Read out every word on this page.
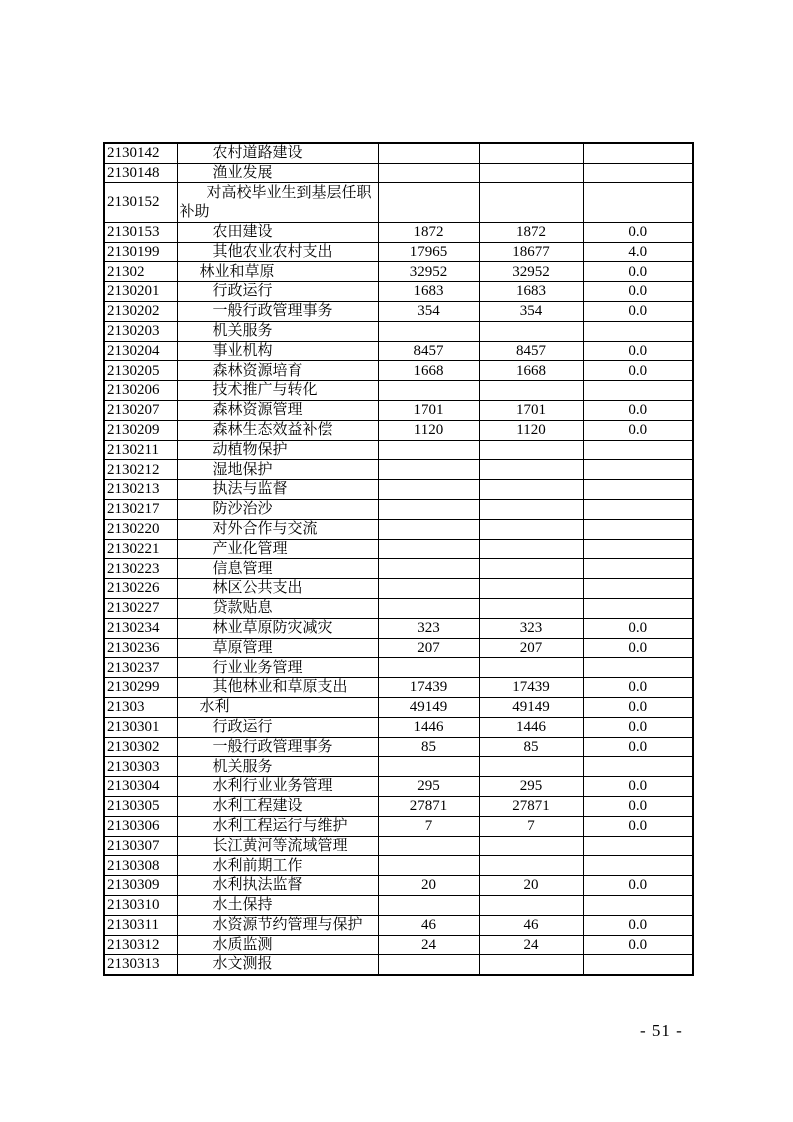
2130142	农村道路建设			
2130148	渔业发展			
2130152	对高校毕业生到基层任职补助			
2130153	农田建设	1872	1872	0.0
2130199	其他农业农村支出	17965	18677	4.0
21302	林业和草原	32952	32952	0.0
2130201	行政运行	1683	1683	0.0
2130202	一般行政管理事务	354	354	0.0
2130203	机关服务			
2130204	事业机构	8457	8457	0.0
2130205	森林资源培育	1668	1668	0.0
2130206	技术推广与转化			
2130207	森林资源管理	1701	1701	0.0
2130209	森林生态效益补偿	1120	1120	0.0
2130211	动植物保护			
2130212	湿地保护			
2130213	执法与监督			
2130217	防沙治沙			
2130220	对外合作与交流			
2130221	产业化管理			
2130223	信息管理			
2130226	林区公共支出			
2130227	贷款贴息			
2130234	林业草原防灾减灾	323	323	0.0
2130236	草原管理	207	207	0.0
2130237	行业业务管理			
2130299	其他林业和草原支出	17439	17439	0.0
21303	水利	49149	49149	0.0
2130301	行政运行	1446	1446	0.0
2130302	一般行政管理事务	85	85	0.0
2130303	机关服务			
2130304	水利行业业务管理	295	295	0.0
2130305	水利工程建设	27871	27871	0.0
2130306	水利工程运行与维护	7	7	0.0
2130307	长江黄河等流域管理			
2130308	水利前期工作			
2130309	水利执法监督	20	20	0.0
2130310	水土保持			
2130311	水资源节约管理与保护	46	46	0.0
2130312	水质监测	24	24	0.0
2130313	水文测报			
- 51 -
